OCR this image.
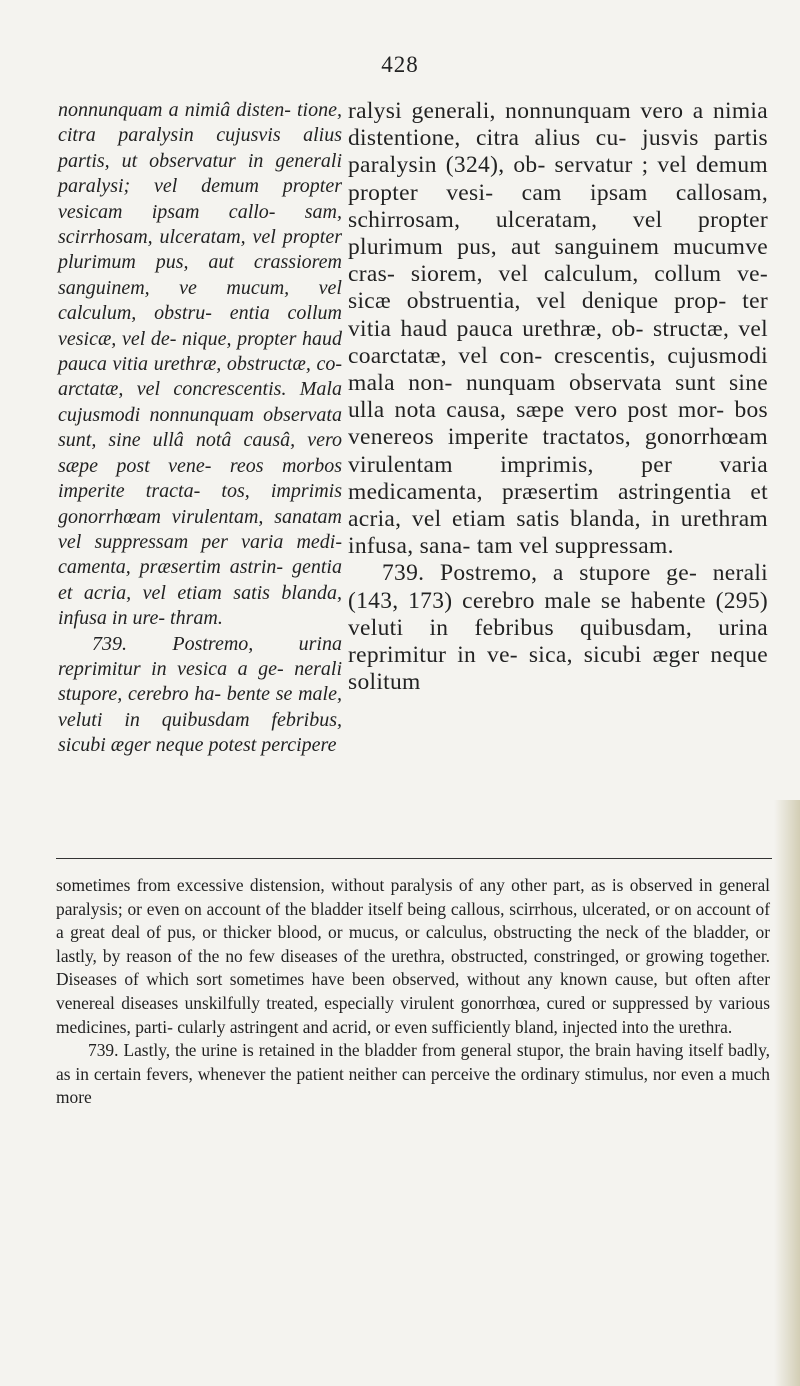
428

nonnunquam a nimiâ disten- tione, citra paralysin cujusvis alius partis, ut observatur in generali paralysi; vel demum propter vesicam ipsam callo- sam, scirrhosam, ulceratam, vel propter plurimum pus, aut crassiorem sanguinem, ve mucum, vel calculum, obstru- entia collum vesicæ, vel de- nique, propter haud pauca vitia urethræ, obstructæ, co- arctatæ, vel concrescentis. Mala cujusmodi nonnunquam observata sunt, sine ullâ notâ causâ, vero sæpe post vene- reos morbos imperite tracta- tos, imprimis gonorrhœam virulentam, sanatam vel suppressam per varia medi- camenta, præsertim astrin- gentia et acria, vel etiam satis blanda, infusa in ure- thram.

739. Postremo, urina reprimitur in vesica a ge- nerali stupore, cerebro ha- bente se male, veluti in quibusdam febribus, sicubi æger neque potest percipere

ralysi generali, nonnunquam vero a nimia distentione, citra alius cu- jusvis partis paralysin (324), ob- servatur ; vel demum propter vesi- cam ipsam callosam, schirrosam, ulceratam, vel propter plurimum pus, aut sanguinem mucumve cras- siorem, vel calculum, collum ve- sicæ obstruentia, vel denique prop- ter vitia haud pauca urethræ, ob- structæ, vel coarctatæ, vel con- crescentis, cujusmodi mala non- nunquam observata sunt sine ulla nota causa, sæpe vero post mor- bos venereos imperite tractatos, gonorrhœam virulentam imprimis, per varia medicamenta, præsertim astringentia et acria, vel etiam satis blanda, in urethram infusa, sana- tam vel suppressam.

739. Postremo, a stupore ge- nerali (143, 173) cerebro male se habente (295) veluti in febribus quibusdam, urina reprimitur in ve- sica, sicubi æger neque solitum

sometimes from excessive distension, without paralysis of any other part, as is observed in general paralysis; or even on account of the bladder itself being callous, scirrhous, ulcerated, or on account of a great deal of pus, or thicker blood, or mucus, or calculus, obstructing the neck of the bladder, or lastly, by reason of the no few diseases of the urethra, obstructed, constringed, or growing together. Diseases of which sort sometimes have been observed, without any known cause, but often after venereal diseases unskilfully treated, especially virulent gonorrhœa, cured or suppressed by various medicines, parti- cularly astringent and acrid, or even sufficiently bland, injected into the urethra.

739. Lastly, the urine is retained in the bladder from general stupor, the brain having itself badly, as in certain fevers, whenever the patient neither can perceive the ordinary stimulus, nor even a much more
